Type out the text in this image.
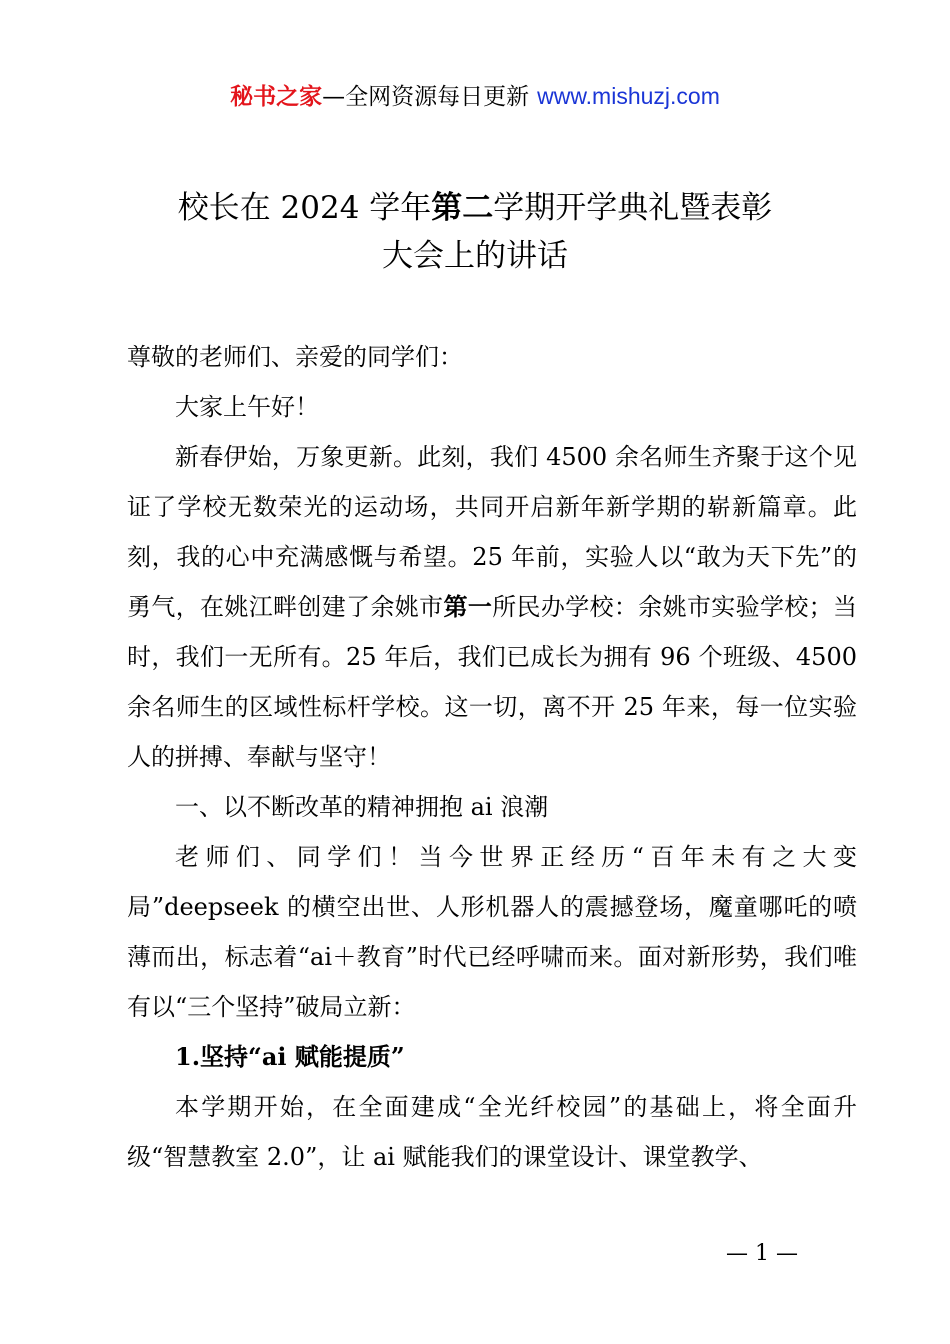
秘书之家—全网资源每日更新 www.mishuzj.com
校长在 2024 学年第二学期开学典礼暨表彰
大会上的讲话

尊敬的老师们、亲爱的同学们：

大家上午好！

新春伊始，万象更新。此刻，我们 4500 余名师生齐聚于这个见证了学校无数荣光的运动场，共同开启新年新学期的崭新篇章。此刻，我的心中充满感慨与希望。25 年前，实验人以“敢为天下先”的勇气，在姚江畔创建了余姚市第一所民办学校：余姚市实验学校；当时，我们一无所有。25 年后，我们已成长为拥有 96 个班级、4500 余名师生的区域性标杆学校。这一切，离不开 25 年来，每一位实验人的拼搏、奉献与坚守！

一、以不断改革的精神拥抱 ai 浪潮

老师们、同学们！当今世界正经历“百年未有之大变局”deepseek 的横空出世、人形机器人的震撼登场，魔童哪吒的喷薄而出，标志着“ai＋教育”时代已经呼啸而来。面对新形势，我们唯有以“三个坚持”破局立新：

1.坚持“ai 赋能提质”

本学期开始，在全面建成“全光纤校园”的基础上，将全面升级“智慧教室 2.0”，让 ai 赋能我们的课堂设计、课堂教学、

— 1 —
